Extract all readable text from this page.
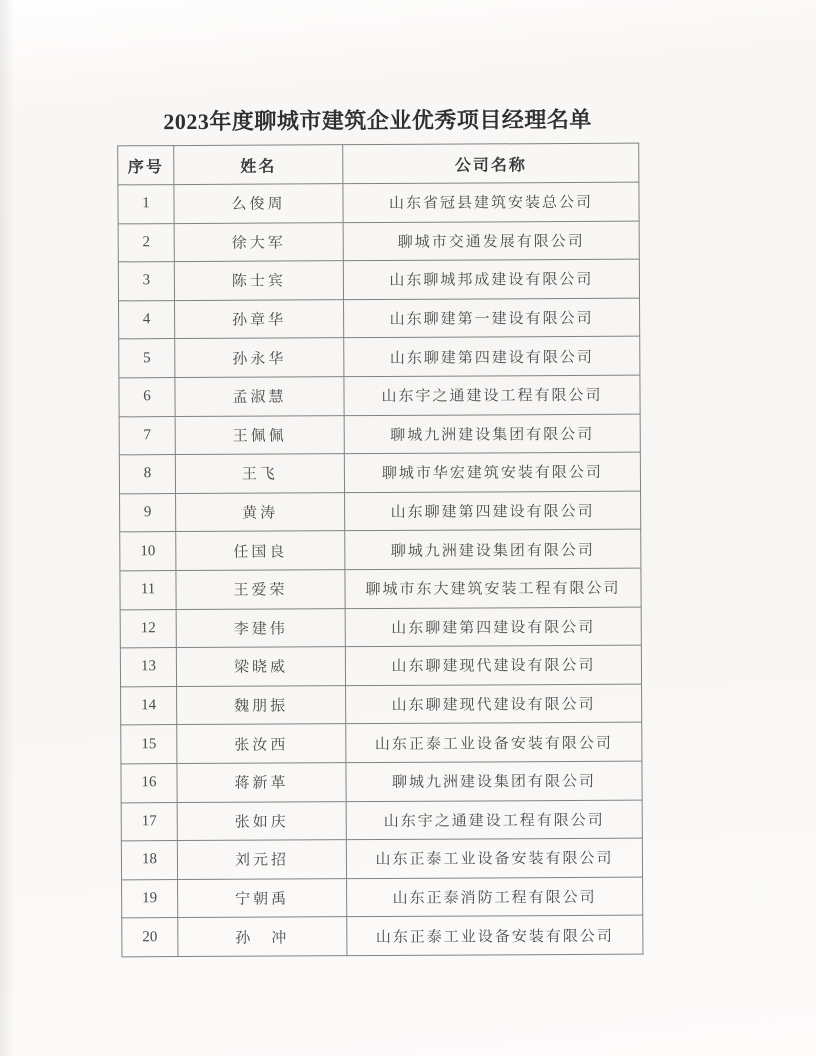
2023年度聊城市建筑企业优秀项目经理名单
序号	姓名	公司名称
1	么俊周	山东省冠县建筑安装总公司
2	徐大军	聊城市交通发展有限公司
3	陈士宾	山东聊城邦成建设有限公司
4	孙章华	山东聊建第一建设有限公司
5	孙永华	山东聊建第四建设有限公司
6	孟淑慧	山东宇之通建设工程有限公司
7	王佩佩	聊城九洲建设集团有限公司
8	王飞	聊城市华宏建筑安装有限公司
9	黄涛	山东聊建第四建设有限公司
10	任国良	聊城九洲建设集团有限公司
11	王爱荣	聊城市东大建筑安装工程有限公司
12	李建伟	山东聊建第四建设有限公司
13	梁晓威	山东聊建现代建设有限公司
14	魏朋振	山东聊建现代建设有限公司
15	张汝西	山东正泰工业设备安装有限公司
16	蒋新革	聊城九洲建设集团有限公司
17	张如庆	山东宇之通建设工程有限公司
18	刘元招	山东正泰工业设备安装有限公司
19	宁朝禹	山东正泰消防工程有限公司
20	孙　冲	山东正泰工业设备安装有限公司
